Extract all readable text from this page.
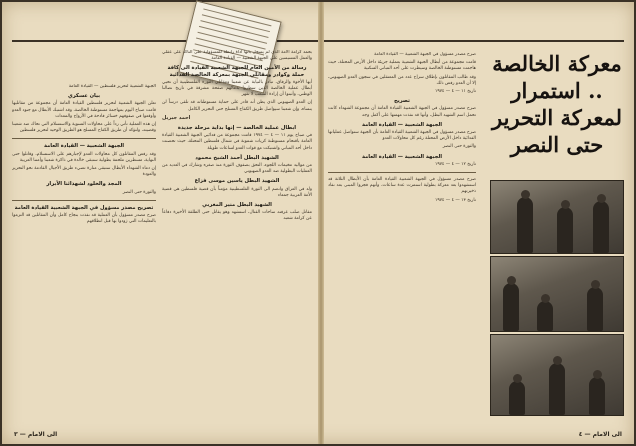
بحمد كرامة الأمة الذي لم يسجل بأنها أداة رابطة للمسؤولية على التأكد على عقلي والعمل المسيسين على الجبهة الشعبية — القيادة العامة

رسالة من الأمين العام للجبهة الشعبية القيادة الى كافة حملة وكوادر ومقاتلي الجبهة بمعركة الخالصة الفدائية

أيها الأخوة والرفاق، تبادر بالنيابة عن شعبنا ومقاتلي الثورة الفلسطينية أن نحيي أبطال عملية الخالصة الذين سطروا بدمائهم صفحة مشرقة في تاريخ نضالنا الوطني، وأثبتوا أن إرادة الشعب لا تقهر

إن العدو الصهيوني الذي يظن أنه قادر على حماية مستوطناته قد تلقى درساً لن ينساه، وإن شعبنا سيواصل طريق الكفاح المسلح حتى التحرير الكامل

احمد جبريل

ابطال عملية الخالصة — إنها بداية مرحلة جديدة

في صباح يوم ١١ — ٤ — ١٩٧٤ قامت مجموعة من فدائيي الجبهة الشعبية القيادة العامة باقتحام مستوطنة كريات شمونة في شمال فلسطين المحتلة، حيث تحصنت داخل أحد المباني واشتبكت مع قوات العدو لساعات طويلة

الشهيد البطل أحمد الشيخ محمود

من مواليد مخيمات اللجوء، التحق بصفوف الثورة منذ صغره وشارك في العديد من العمليات البطولية ضد العدو الصهيوني

الشهيد البطل ياسين موسى فزاع

ولد في العراق وانضم الى الثورة الفلسطينية مؤمناً بأن قضية فلسطين هي قضية الأمة العربية جمعاء

الشهيد البطل منير المغربي

مقاتل صلب عرفته ساحات القتال، استشهد وهو يقاتل حتى الطلقة الأخيرة دفاعاً عن كرامة شعبه

الجبهة الشعبية لتحرير فلسطين — القيادة العامة

بيان عسكري

تعلن الجبهة الشعبية لتحرير فلسطين القيادة العامة أن مجموعة من مقاتليها قامت صباح اليوم بمهاجمة مستوطنة الخالصة، وقد اشتبك الأبطال مع جنود العدو وأوقعوا في صفوفهم خسائر فادحة في الأرواح والمعدات

إن هذه العملية تأتي رداً على محاولات التسوية والاستسلام التي تحاك ضد شعبنا وقضيته، ولتؤكد أن طريق الكفاح المسلح هو الطريق الوحيد لتحرير فلسطين

الجبهة الشعبية — القيادة العامة

وقد رفض المقاتلون كل محاولات العدو لإجبارهم على الاستسلام، وقاتلوا حتى النهاية، مسطرين ملحمة بطولية ستبقى خالدة في ذاكرة شعبنا وأمتنا العربية

إن دماء الشهداء الأبطال ستبقى منارة تضيء طريق الأجيال القادمة نحو التحرير والعودة

المجد والخلود لشهدائنا الأبرار

والثورة حتى النصر

تصريح مصدر مسؤول في الجبهة الشعبية القيادة العامة

صرح مصدر مسؤول بأن العملية قد نفذت بنجاح كامل وأن المقاتلين قد التزموا بالتعليمات التي زودوا بها قبل انطلاقهم

الى الامام — ٣

صرح مصدر مسؤول في الجبهة الشعبية — القيادة العامة

قامت مجموعة من أبطال الجبهة الشعبية بعملية جريئة داخل الأرض المحتلة، حيث هاجمت مستوطنة الخالصة وسيطرت على أحد المباني السكنية

وقد طالب المقاتلون بإطلاق سراح عدد من المعتقلين في سجون العدو الصهيوني، إلا أن العدو رفض ذلك

تاريخ ١١ — ٤ — ١٩٧٤

تصريح

صرح مصدر مسؤول في الجبهة الشعبية القيادة العامة أن مجموعة الشهداء كانت تحمل اسم الشهيد البطل، وأنها قد نفذت مهمتها على أكمل وجه

الجبهة الشعبية — القيادة العامة

صرح مصدر مسؤول في الجبهة الشعبية القيادة العامة بأن الجبهة ستواصل عملياتها الفدائية داخل الأرض المحتلة رغم كل محاولات العدو

والثورة حتى النصر

الجبهة الشعبية — القيادة العامة

تاريخ ١٢ — ٤ — ١٩٧٤

صرح مصدر مسؤول في الجبهة الشعبية القيادة العامة بأن الأبطال الثلاثة قد استشهدوا بعد معركة بطولية استمرت عدة ساعات، وأنهم فجروا المبنى بعد نفاد ذخيرتهم

تاريخ ١٣ — ٤ — ١٩٧٤

معركة الخالصة .. استمرار لمعركة التحرير حتى النصر
الى الامام — ٤
